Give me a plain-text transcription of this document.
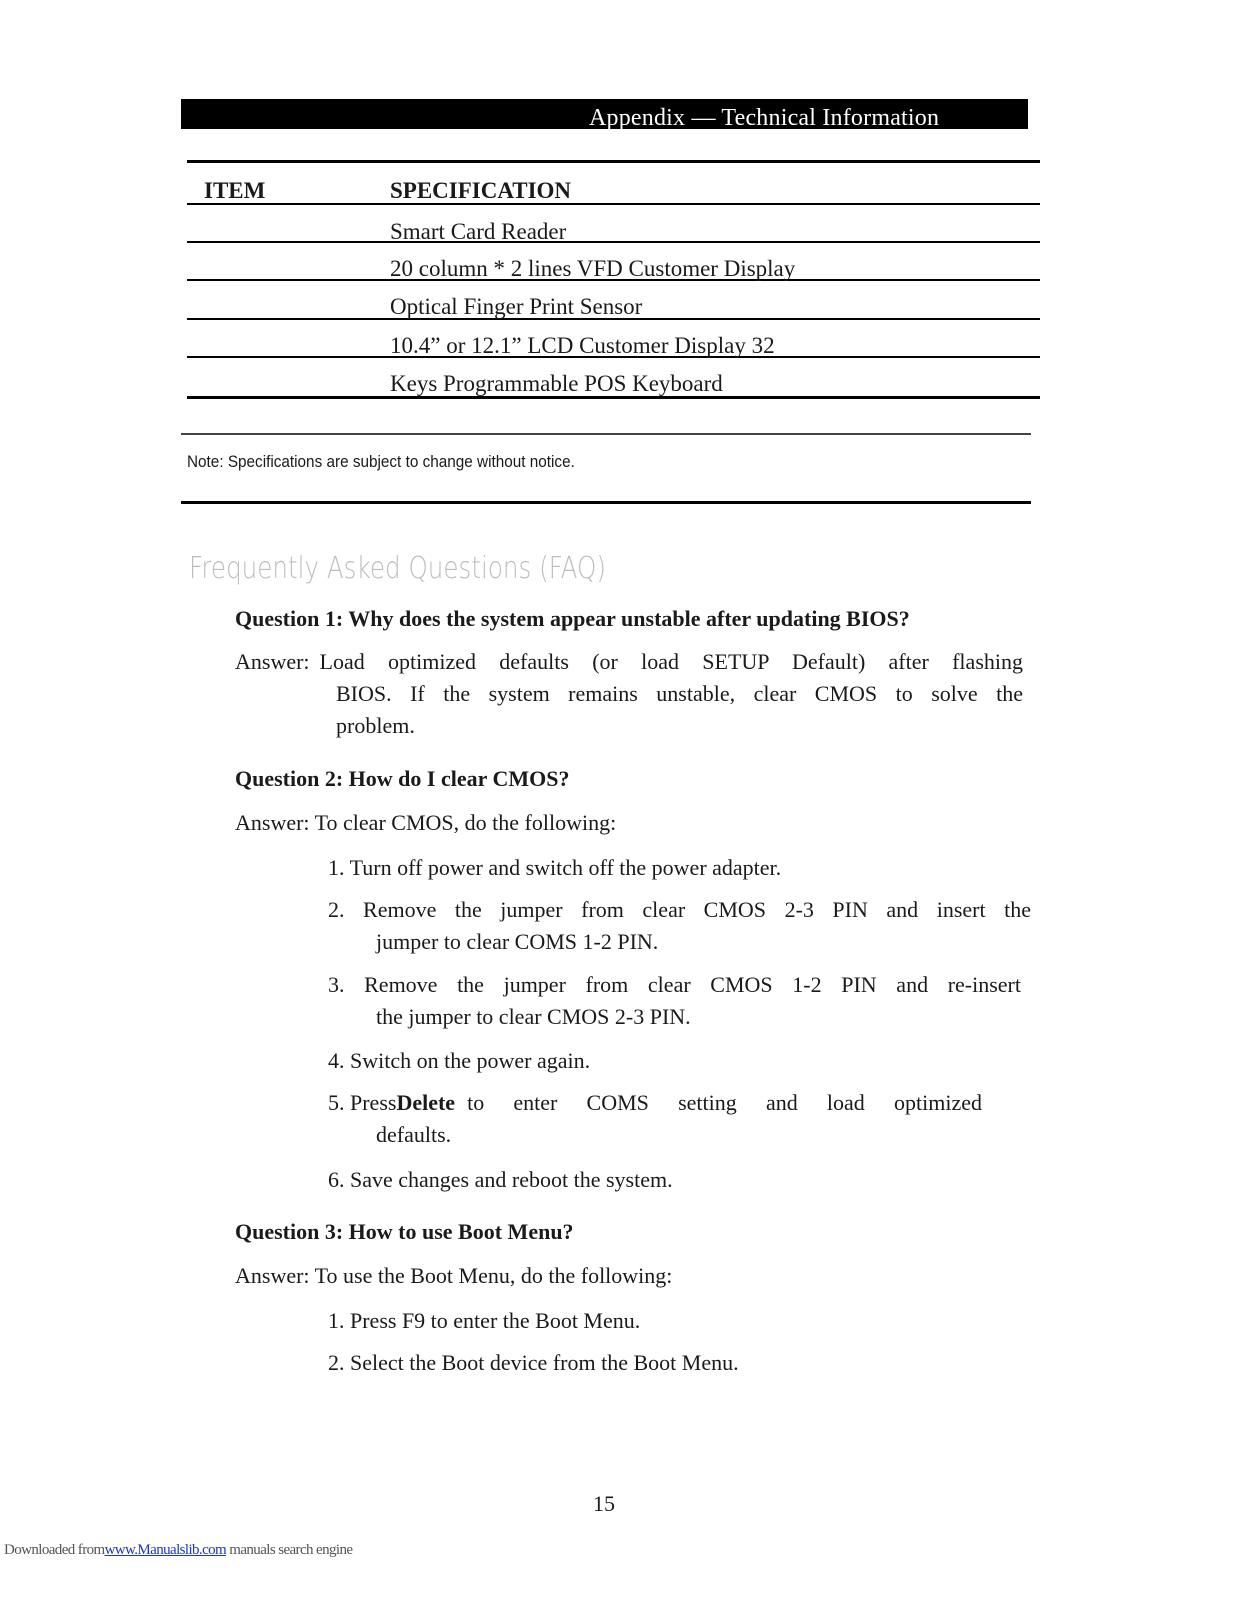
Appendix — Technical Information
ITEM	SPECIFICATION
Smart Card Reader
20 column * 2 lines VFD Customer Display
Optical Finger Print Sensor
10.4” or 12.1” LCD Customer Display 32
Keys Programmable POS Keyboard
Note: Specifications are subject to change without notice.
Frequently Asked Questions (FAQ)
Question 1: Why does the system appear unstable after updating BIOS?
Answer: Load optimized defaults (or load SETUP Default) after flashing
BIOS. If the system remains unstable, clear CMOS to solve the
problem.
Question 2: How do I clear CMOS?
Answer: To clear CMOS, do the following:
1. Turn off power and switch off the power adapter.
2. Remove the jumper from clear CMOS 2-3 PIN and insert the
jumper to clear COMS 1-2 PIN.
3. Remove the jumper from clear CMOS 1-2 PIN and re-insert
the jumper to clear CMOS 2-3 PIN.
4. Switch on the power again.
5. Press Delete to enter COMS setting and load optimized
defaults.
6. Save changes and reboot the system.
Question 3: How to use Boot Menu?
Answer: To use the Boot Menu, do the following:
1. Press F9 to enter the Boot Menu.
2. Select the Boot device from the Boot Menu.
15
Downloaded fromwww.Manualslib.com manuals search engine
